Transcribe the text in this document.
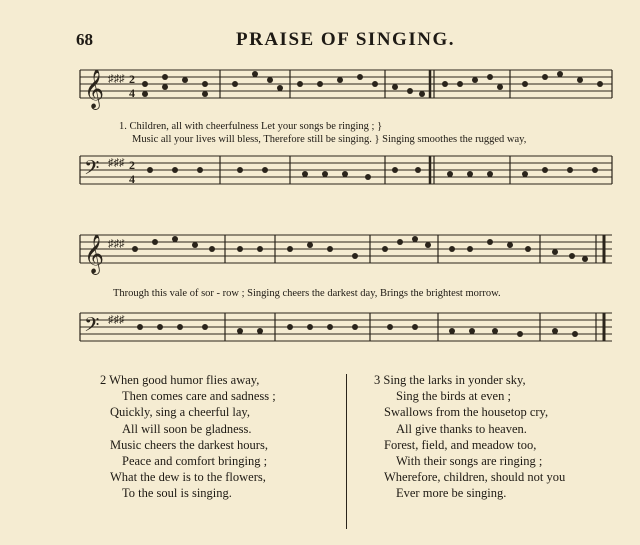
68	PRAISE OF SINGING.
𝄞 ♯♯♯ 2
4
1. Children, all with cheerfulness Let your songs be ringing ; }
Music all your lives will bless, Therefore still be singing. } Singing smoothes the rugged way,
𝄢 ♯♯♯ 2
4
𝄞 ♯♯♯
Through this vale of sor - row ; Singing cheers the darkest day, Brings the brightest morrow.
𝄢 ♯♯♯
2 When good humor flies away,
Then comes care and sadness ;
Quickly, sing a cheerful lay,
All will soon be gladness.
Music cheers the darkest hours,
Peace and comfort bringing ;
What the dew is to the flowers,
To the soul is singing.
3 Sing the larks in yonder sky,
Sing the birds at even ;
Swallows from the housetop cry,
All give thanks to heaven.
Forest, field, and meadow too,
With their songs are ringing ;
Wherefore, children, should not you
Ever more be singing.
